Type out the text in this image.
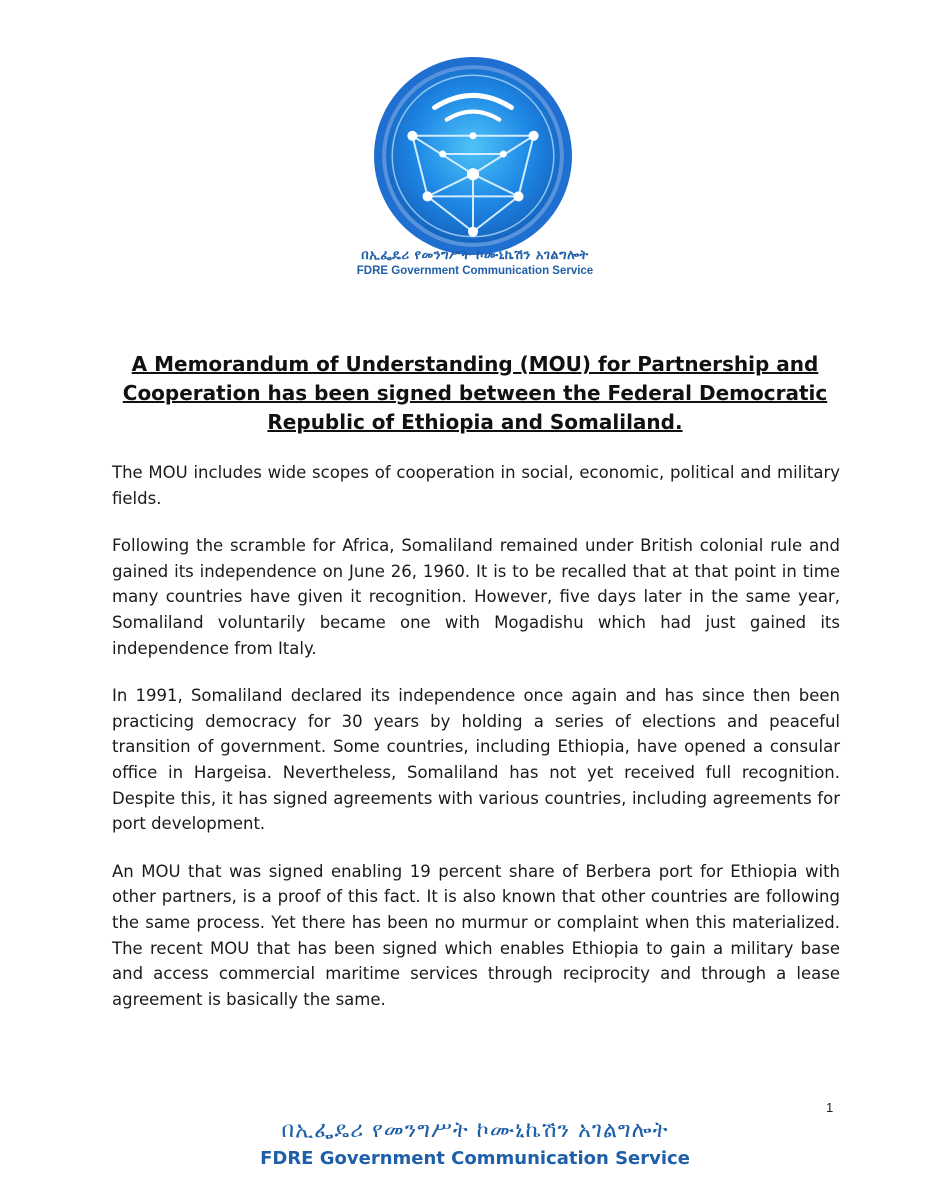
በኢፌዴሪ የመንግሥት ኮሙኒኬሽን አገልግሎት
FDRE Government Communication Service
A Memorandum of Understanding (MOU) for Partnership and
Cooperation has been signed between the Federal Democratic
Republic of Ethiopia and Somaliland.

The MOU includes wide scopes of cooperation in social, economic, political and military fields.

Following the scramble for Africa, Somaliland remained under British colonial rule and gained its independence on June 26, 1960. It is to be recalled that at that point in time many countries have given it recognition. However, five days later in the same year, Somaliland voluntarily became one with Mogadishu which had just gained its independence from Italy.

In 1991, Somaliland declared its independence once again and has since then been practicing democracy for 30 years by holding a series of elections and peaceful transition of government. Some countries, including Ethiopia, have opened a consular office in Hargeisa. Nevertheless, Somaliland has not yet received full recognition. Despite this, it has signed agreements with various countries, including agreements for port development.

An MOU that was signed enabling 19 percent share of Berbera port for Ethiopia with other partners, is a proof of this fact. It is also known that other countries are following the same process. Yet there has been no murmur or complaint when this materialized. The recent MOU that has been signed which enables Ethiopia to gain a military base and access commercial maritime services through reciprocity and through a lease agreement is basically the same.

1
በኢፌዴሪ የመንግሥት ኮሙኒኬሽን አገልግሎት
FDRE Government Communication Service
